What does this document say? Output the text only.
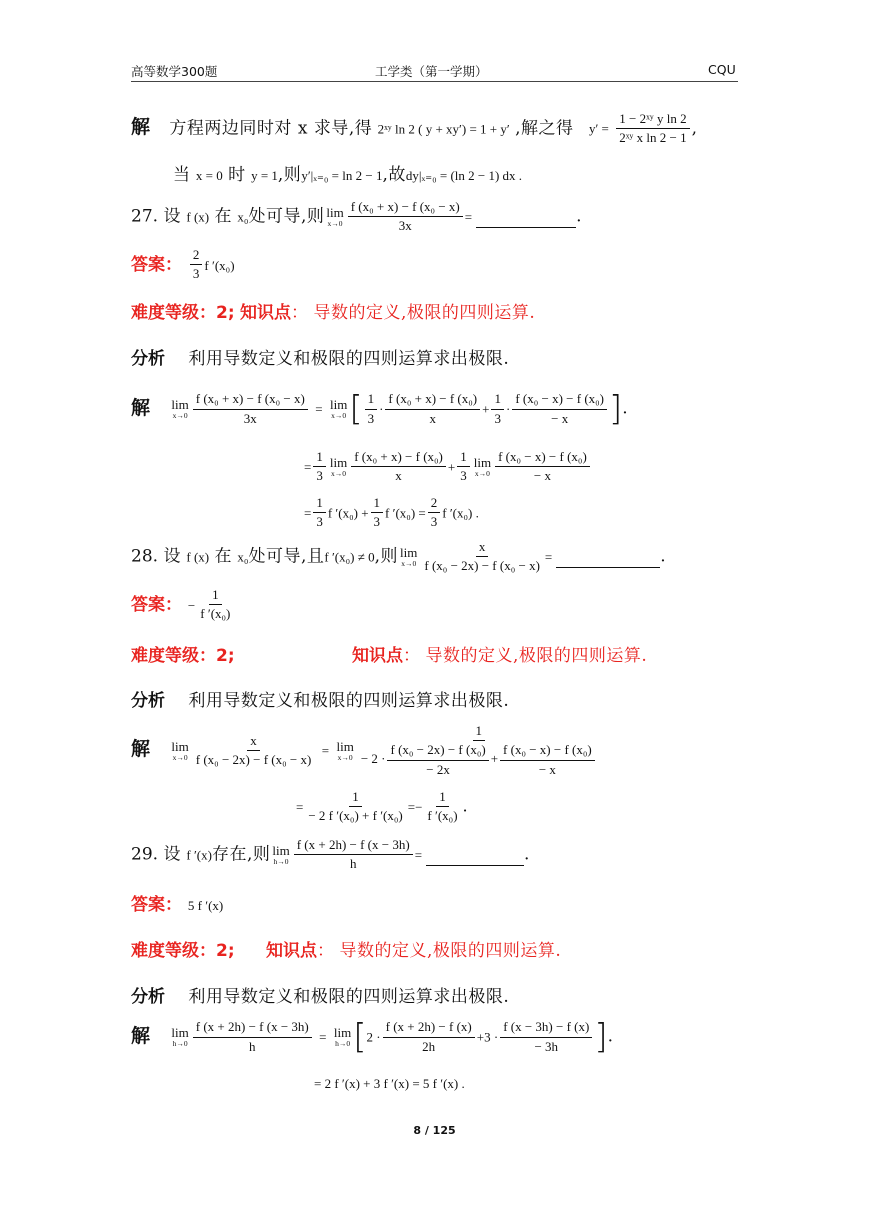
高等数学300题	工学类（第一学期）	CQU
解 方程两边同时对 x 求导,得 2ˣʸ ln 2 ( y + xy′) = 1 + y′ ,解之得 $y' = \frac{\text{1 − 2ˣʸ y ln 2}}{\text{2ˣʸ x ln 2 − 1}}$ ,
当 x = 0 时 y = 1,则y′|ₓ₌₀ = ln 2 − 1,故dy|ₓ₌₀ = (ln 2 − 1) dx .
27. 设 f (x) 在 x₀处可导,则 lim
$x\to 0 \frac{\text{f (x₀ + x) − f (x₀ − x)}}{3x}$ =	.
答案： $\frac{2}{3}$ f ′(x₀)
难度等级：2; 知识点： 导数的定义,极限的四则运算.
分析 利用导数定义和极限的四则运算求出极限.
解 lim
$x\to 0 \frac{\text{f (x₀ + x) − f (x₀ − x)}}{3x} = \lim$
x→0 [ $\frac{1}{3} \cdot \frac{\text{f (x₀ + x) − f (x₀)}}{x} + \frac{1}{3} \cdot \frac{\text{f (x₀ − x) − f (x₀)}}{- x}$ ].
= $\frac{1}{3}$ lim
$x\to 0 \frac{\text{f (x₀ + x) − f (x₀)}}{x} + \frac{1}{3}$ lim
$x\to 0 \frac{\text{f (x₀ − x) − f (x₀)}}{- x}$
= $\frac{1}{3}$ f $'(x_0) + \frac{1}{3}$ f $'(x_0) = \frac{2}{3}$ f ′(x₀) .
28. 设 f (x) 在 x₀处可导,且f ′(x₀) ≠ 0,则 lim
$x\to 0 \frac{x}{\text{f (x₀ − 2x) − f (x₀ − x)}}$ =	.
答案： − $\frac{1}{\text{f ′(x₀)}}$
难度等级：2;	知识点： 导数的定义,极限的四则运算.
分析 利用导数定义和极限的四则运算求出极限.
解 lim
$x\to 0 \frac{x}{\text{f (x₀ − 2x) − f (x₀ − x)}} = \lim$
$x\to 0 \frac{1}{- 2 \cdot \frac{\text{f (x₀ − 2x) − f (x₀)}}{- 2x} + \frac{\text{f (x₀ − x) − f (x₀)}}{- x}}$
= $\frac{1}{\text{− 2 f ′(x₀) + f ′(x₀)}} =- \frac{1}{\text{f ′(x₀)}}$ .
29. 设 f ′(x)存在,则 lim
$h\to 0 \frac{f (x + 2h) - f (x - 3h)}{h}$ =	.
答案： 5 f ′(x)
难度等级：2; 知识点： 导数的定义,极限的四则运算.
分析 利用导数定义和极限的四则运算求出极限.
解 lim
$h\to 0 \frac{f (x + 2h) - f (x - 3h)}{h} = \lim$
h→0 [$2 \cdot \frac{f (x + 2h) - f (x)}{2h} +3 \cdot \frac{f (x - 3h) - f (x)}{- 3h}$ ].
= 2 f ′(x) + 3 f ′(x) = 5 f ′(x) .
8 / 125
